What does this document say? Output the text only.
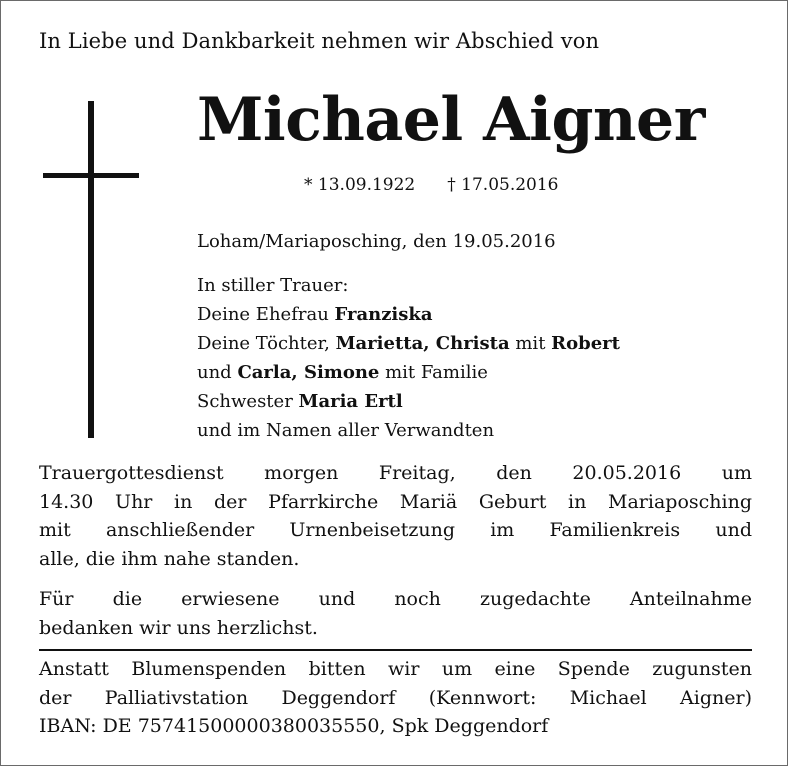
In Liebe und Dankbarkeit nehmen wir Abschied von
Michael Aigner
* 13.09.1922 † 17.05.2016
Loham/Mariaposching, den 19.05.2016
In stiller Trauer:
Deine Ehefrau Franziska
Deine Töchter, Marietta, Christa mit Robert
und Carla, Simone mit Familie
Schwester Maria Ertl
und im Namen aller Verwandten
Trauergottesdienst morgen Freitag, den 20.05.2016 um
14.30 Uhr in der Pfarrkirche Mariä Geburt in Mariaposching
mit anschließender Urnenbeisetzung im Familienkreis und
alle, die ihm nahe standen.
Für die erwiesene und noch zugedachte Anteilnahme
bedanken wir uns herzlichst.
Anstatt Blumenspenden bitten wir um eine Spende zugunsten
der Palliativstation Deggendorf (Kennwort: Michael Aigner)
IBAN: DE 75741500000380035550, Spk Deggendorf
